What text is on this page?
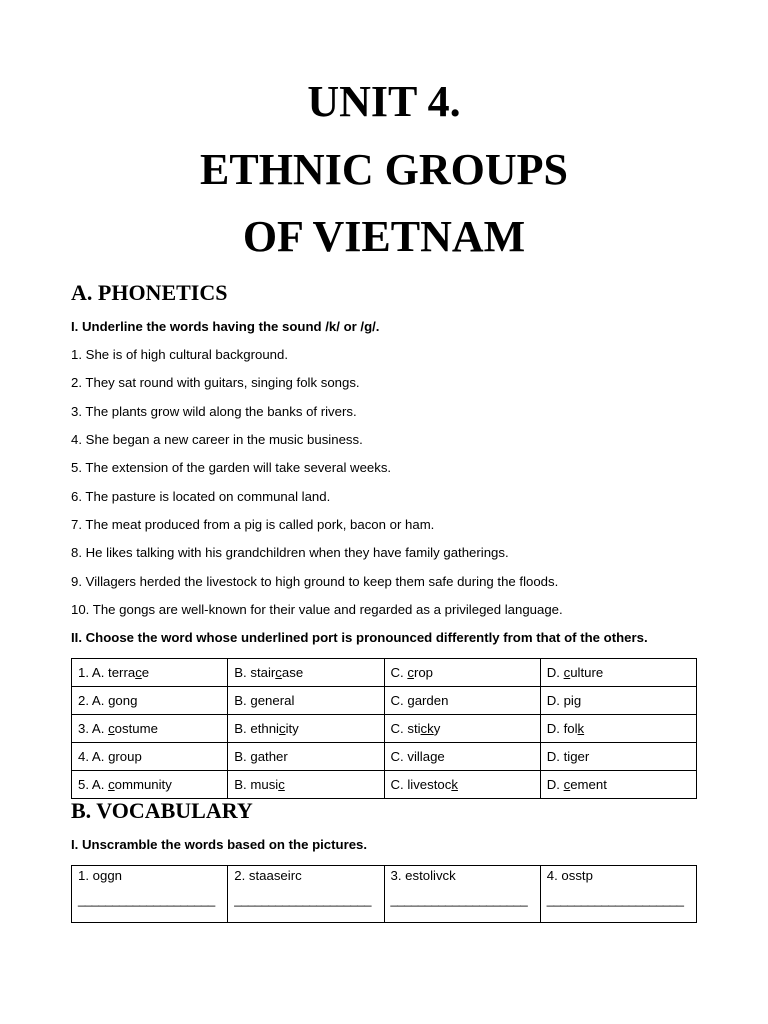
UNIT 4.
ETHNIC GROUPS
OF VIETNAM
A. PHONETICS
I. Underline the words having the sound /k/ or /g/.
1. She is of high cultural background.
2. They sat round with guitars, singing folk songs.
3. The plants grow wild along the banks of rivers.
4. She began a new career in the music business.
5. The extension of the garden will take several weeks.
6. The pasture is located on communal land.
7. The meat produced from a pig is called pork, bacon or ham.
8. He likes talking with his grandchildren when they have family gatherings.
9. Villagers herded the livestock to high ground to keep them safe during the floods.
10. The gongs are well-known for their value and regarded as a privileged language.
II. Choose the word whose underlined port is pronounced differently from that of the others.
1. A. terrace	B. staircase	C. crop	D. culture
2. A. gong	B. general	C. garden	D. pig
3. A. costume	B. ethnicity	C. sticky	D. folk
4. A. group	B. gather	C. village	D. tiger
5. A. community	B. music	C. livestock	D. cement
B. VOCABULARY
I. Unscramble the words based on the pictures.
1. oggn
____________________
	2. staaseirc
____________________
	3. estolivck
____________________
	4. osstp
____________________
